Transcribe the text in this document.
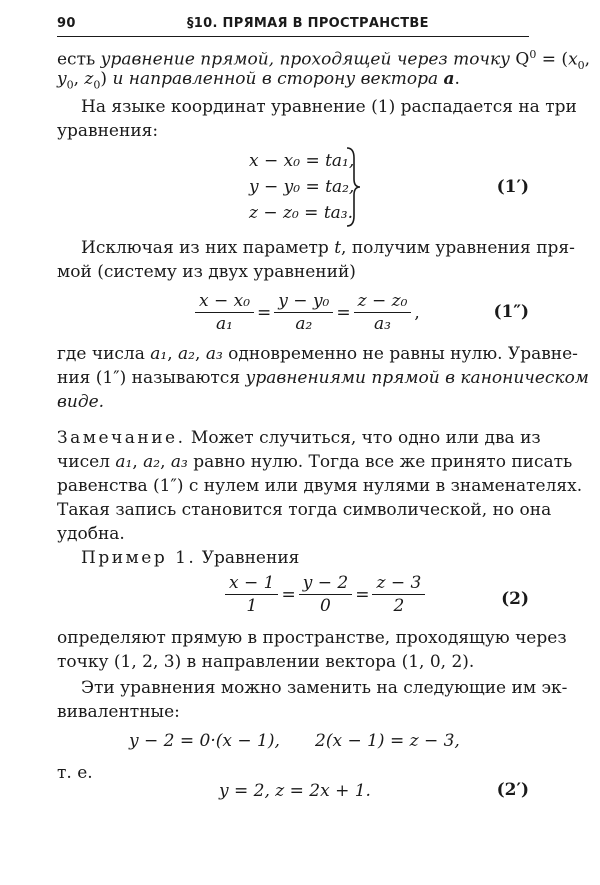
90	§10. ПРЯМАЯ В ПРОСТРАНСТВЕ
есть уравнение прямой, проходящей через точку $Q^0 = (x_0$,
$y_0$, $z_0$) и направленной в сторону вектора a.
На языке координат уравнение (1) распадается на три
уравнения:
x − x₀ = ta₁,
y − y₀ = ta₂,
z − z₀ = ta₃.
(1′)
Исключая из них параметр t, получим уравнения пря-
мой (систему из двух уравнений)
$\frac{\text{x − x₀}}{\text{a₁}} = \frac{\text{y − y₀}}{\text{a₂}} = \frac{\text{z − z₀}}{\text{a₃}}$ ,	(1″)
где числа a₁, a₂, a₃ одновременно не равны нулю. Уравне-
ния (1″) называются уравнениями прямой в каноническом
виде.
Замечание. Может случиться, что одно или два из
чисел a₁, a₂, a₃ равно нулю. Тогда все же принято писать
равенства (1″) с нулем или двумя нулями в знаменателях.
Такая запись становится тогда символической, но она
удобна.
Пример 1. Уравнения
$\frac{x - 1}{1} = \frac{y - 2}{0} = \frac{z - 3}{2}$	(2)
определяют прямую в пространстве, проходящую через
точку (1, 2, 3) в направлении вектора (1, 0, 2).
Эти уравнения можно заменить на следующие им эк-
вивалентные:
y − 2 = 0·(x − 1), 2(x − 1) = z − 3,
т. е.
y = 2, z = 2x + 1.	(2′)
